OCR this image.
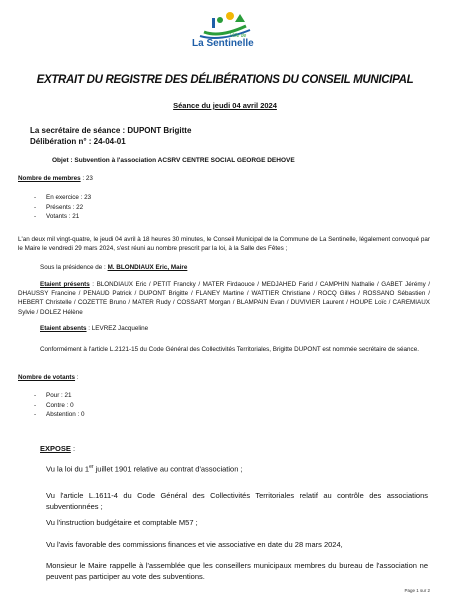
Ville de
La Sentinelle
EXTRAIT DU REGISTRE DES DÉLIBÉRATIONS DU CONSEIL MUNICIPAL
Séance du jeudi 04 avril 2024
La secrétaire de séance : DUPONT Brigitte
Délibération n° : 24-04-01
Objet : Subvention à l'association ACSRV CENTRE SOCIAL GEORGE DEHOVE
Nombre de membres : 23
- En exercice : 23
- Présents : 22
- Votants : 21
L'an deux mil vingt-quatre, le jeudi 04 avril à 18 heures 30 minutes, le Conseil Municipal de la Commune de La Sentinelle, légalement convoqué par le Maire le vendredi 29 mars 2024, s'est réuni au nombre prescrit par la loi, à la Salle des Fêtes ;
Sous la présidence de : M. BLONDIAUX Eric, Maire
Etaient présents : BLONDIAUX Eric / PETIT Francky / MATER Firdaouce / MEDJAHED Farid / CAMPHIN Nathalie / GABET Jérémy / DHAUSSY Francine / PENAUD Patrick / DUPONT Brigitte / FLANEY Martine / WATTIER Christiane / ROCQ Gilles / ROSSANO Sébastien / HEBERT Christelle / COZETTE Bruno / MATER Rudy / COSSART Morgan / BLAMPAIN Evan / DUVIVIER Laurent / HOUPE Loïc / CAREMIAUX Sylvie / DOLEZ Hélène
Etaient absents : LEVREZ Jacqueline
Conformément à l'article L.2121-15 du Code Général des Collectivités Territoriales, Brigitte DUPONT est nommée secrétaire de séance.
Nombre de votants :
- Pour : 21
- Contre : 0
- Abstention : 0
EXPOSE :
Vu la loi du 1er juillet 1901 relative au contrat d'association ;
Vu l'article L.1611-4 du Code Général des Collectivités Territoriales relatif au contrôle des associations subventionnées ;
Vu l'instruction budgétaire et comptable M57 ;
Vu l'avis favorable des commissions finances et vie associative en date du 28 mars 2024,
Monsieur le Maire rappelle à l'assemblée que les conseillers municipaux membres du bureau de l'association ne peuvent pas participer au vote des subventions.
Page 1 sur 2
